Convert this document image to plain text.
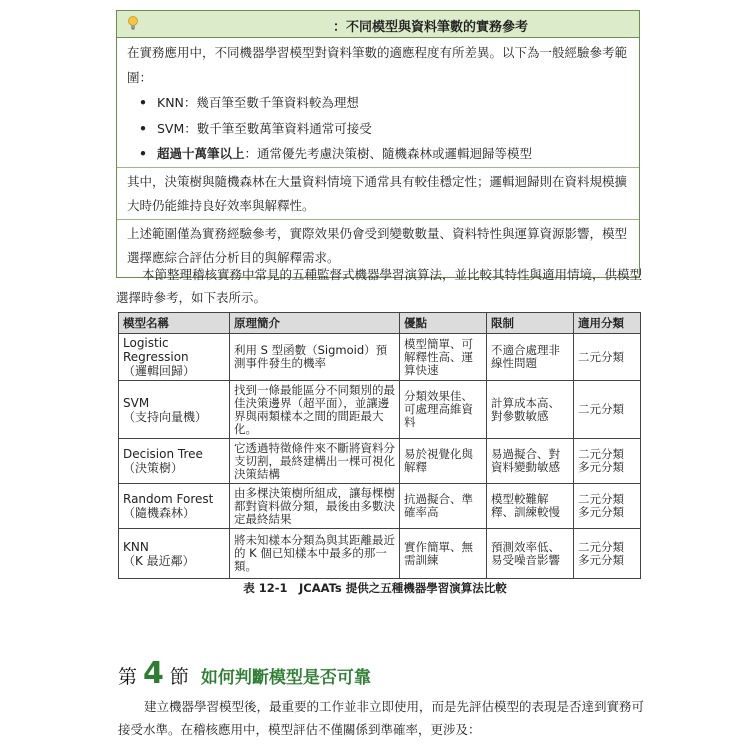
：不同模型與資料筆數的實務參考

在實務應用中，不同機器學習模型對資料筆數的適應程度有所差異。以下為一般經驗參考範圍：

• KNN：幾百筆至數千筆資料較為理想
• SVM：數千筆至數萬筆資料通常可接受
• 超過十萬筆以上：通常優先考慮決策樹、隨機森林或邏輯迴歸等模型

其中，決策樹與隨機森林在大量資料情境下通常具有較佳穩定性；邏輯迴歸則在資料規模擴大時仍能維持良好效率與解釋性。

上述範圍僅為實務經驗參考，實際效果仍會受到變數數量、資料特性與運算資源影響，模型選擇應綜合評估分析目的與解釋需求。

本節整理稽核實務中常見的五種監督式機器學習演算法，並比較其特性與適用情境，供模型選擇時參考，如下表所示。

模型名稱	原理簡介	優點	限制	適用分類

Logistic
Regression
（邏輯回歸）	利用 S 型函數（Sigmoid）預測事件發生的機率	模型簡單、可解釋性高、運算快速	不適合處理非線性問題	二元分類

SVM
（支持向量機）	找到一條最能區分不同類別的最佳決策邊界（超平面），並讓邊界與兩類樣本之間的間距最大化。	分類效果佳、可處理高維資料	計算成本高、對參數敏感	二元分類

Decision Tree
（決策樹）	它透過特徵條件來不斷將資料分支切割，最終建構出一棵可視化決策結構	易於視覺化與解釋	易過擬合、對資料變動敏感	二元分類 多元分類

Random Forest
（隨機森林）	由多棵決策樹所組成，讓每棵樹都對資料做分類，最後由多數決定最終結果	抗過擬合、準確率高	模型較難解釋、訓練較慢	二元分類 多元分類

KNN
（K 最近鄰）	將未知樣本分類為與其距離最近的 K 個已知樣本中最多的那一類。	實作簡單、無需訓練	預測效率低、易受噪音影響	二元分類 多元分類

表 12-1　JCAATs 提供之五種機器學習演算法比較

第 4 節 如何判斷模型是否可靠

建立機器學習模型後，最重要的工作並非立即使用，而是先評估模型的表現是否達到實務可接受水準。在稽核應用中，模型評估不僅關係到準確率，更涉及：
